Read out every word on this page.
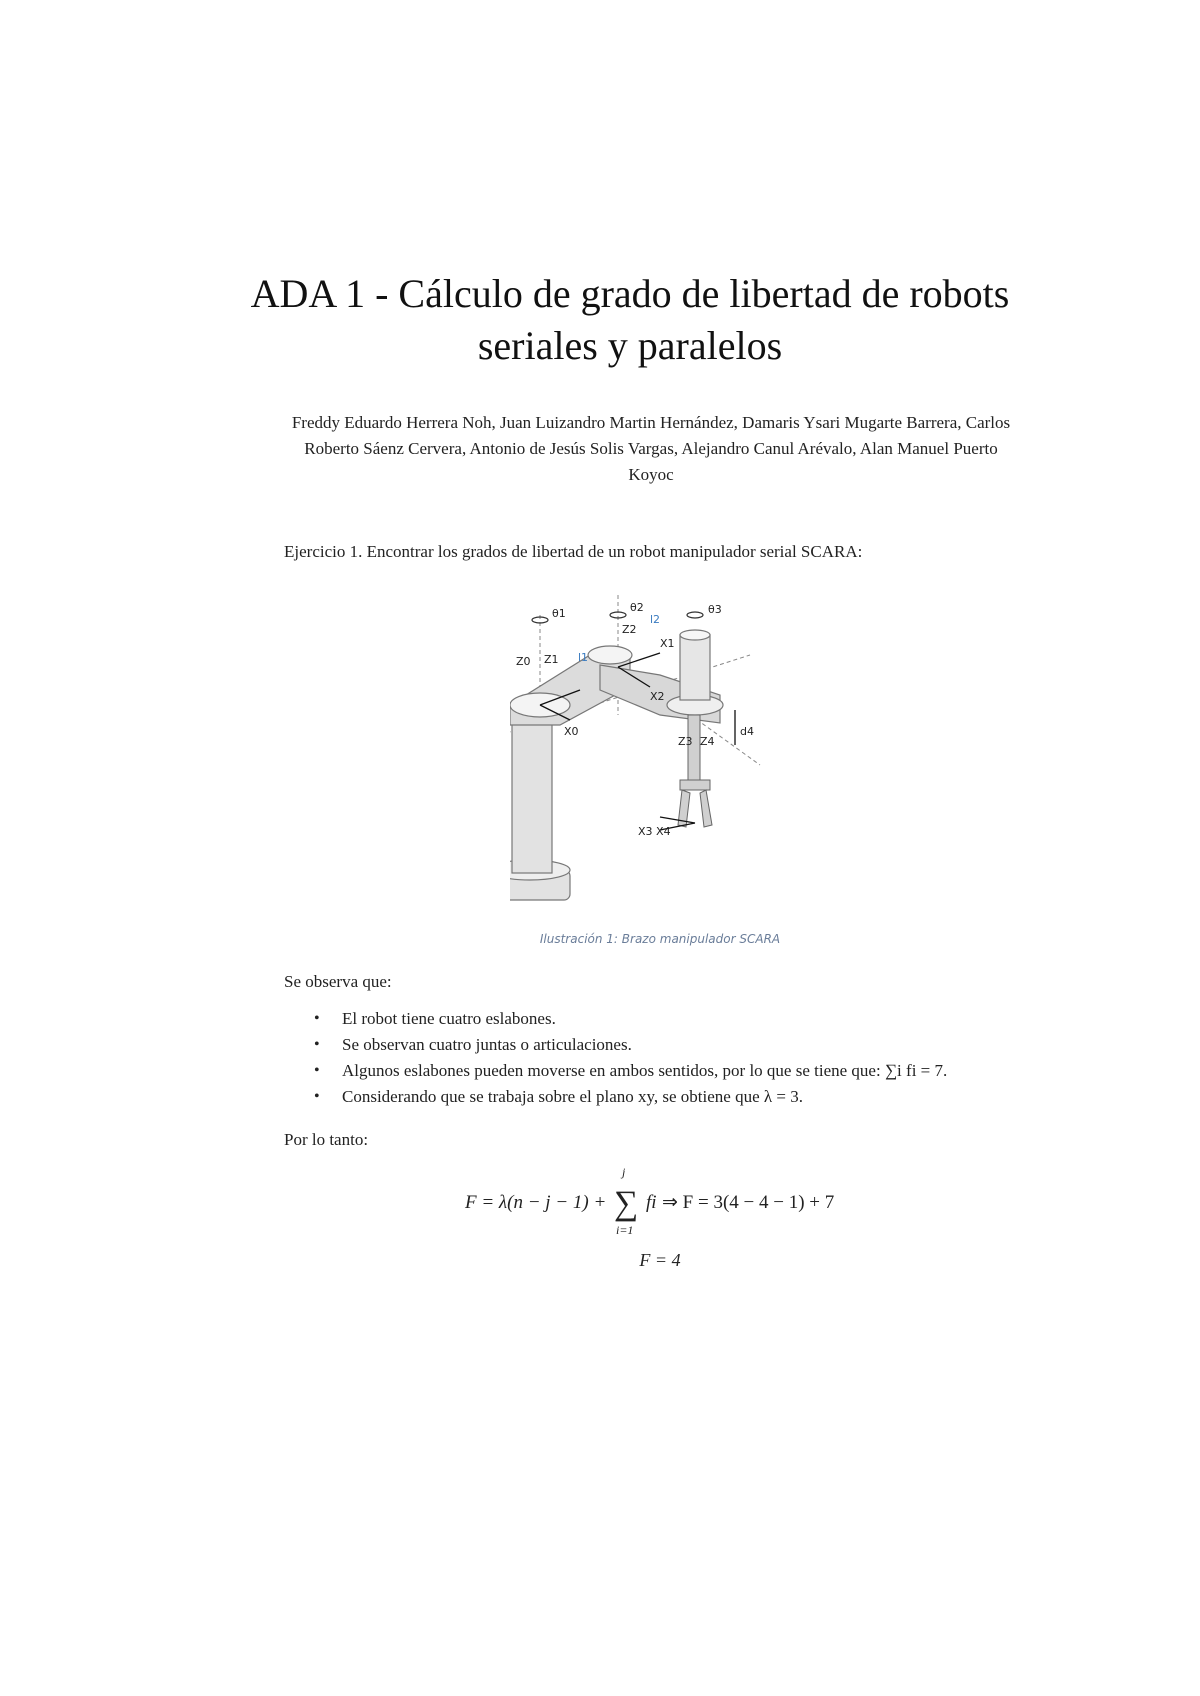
ADA 1 - Cálculo de grado de libertad de robots seriales y paralelos
Freddy Eduardo Herrera Noh, Juan Luizandro Martin Hernández, Damaris Ysari Mugarte Barrera, Carlos Roberto Sáenz Cervera, Antonio de Jesús Solis Vargas, Alejandro Canul Arévalo, Alan Manuel Puerto Koyoc
Ejercicio 1. Encontrar los grados de libertad de un robot manipulador serial SCARA:
θ1	θ2	θ3
Z0 Z1
Z2
l1
l2
X0
X1
X2
Z3 Z4
d4
X3 X4
Ilustración 1: Brazo manipulador SCARA
Se observa que:
• El robot tiene cuatro eslabones.
• Se observan cuatro juntas o articulaciones.
• Algunos eslabones pueden moverse en ambos sentidos, por lo que se tiene que: ∑i fi = 7.
• Considerando que se trabaja sobre el plano xy, se obtiene que λ = 3.
Por lo tanto:
F = λ(n − j − 1) + ∑
j
i=1
fi ⇒ F = 3(4 − 4 − 1) + 7
F = 4
